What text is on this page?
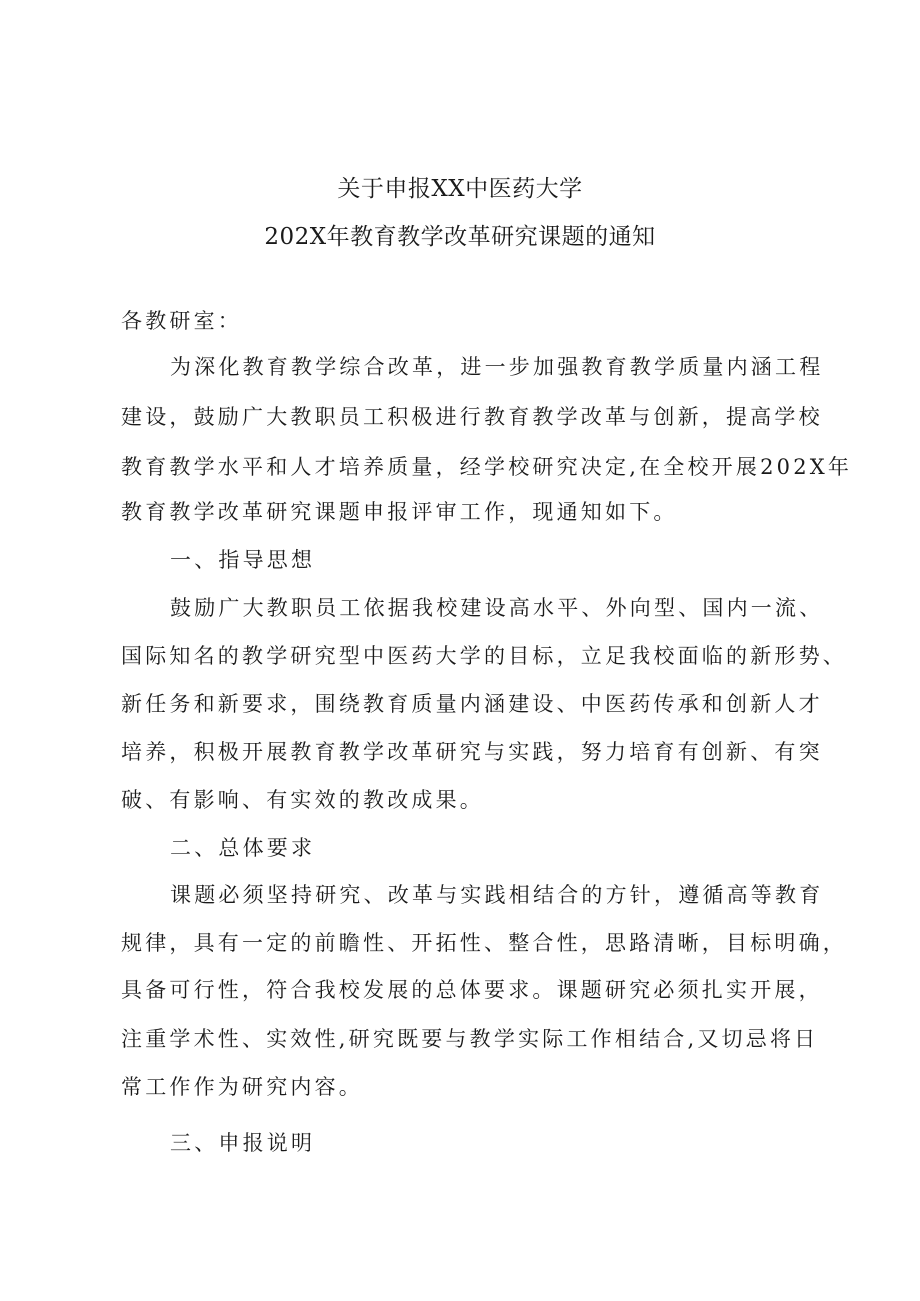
关于申报XX中医药大学
202X年教育教学改革研究课题的通知
各教研室：
为深化教育教学综合改革，进一步加强教育教学质量内涵工程
建设，鼓励广大教职员工积极进行教育教学改革与创新，提高学校
教育教学水平和人才培养质量，经学校研究决定,在全校开展202X年
教育教学改革研究课题申报评审工作，现通知如下。
一、指导思想
鼓励广大教职员工依据我校建设高水平、外向型、国内一流、
国际知名的教学研究型中医药大学的目标，立足我校面临的新形势、
新任务和新要求，围绕教育质量内涵建设、中医药传承和创新人才
培养，积极开展教育教学改革研究与实践，努力培育有创新、有突
破、有影响、有实效的教改成果。
二、总体要求
课题必须坚持研究、改革与实践相结合的方针，遵循高等教育
规律，具有一定的前瞻性、开拓性、整合性，思路清晰，目标明确，
具备可行性，符合我校发展的总体要求。课题研究必须扎实开展，
注重学术性、实效性,研究既要与教学实际工作相结合,又切忌将日
常工作作为研究内容。
三、申报说明
